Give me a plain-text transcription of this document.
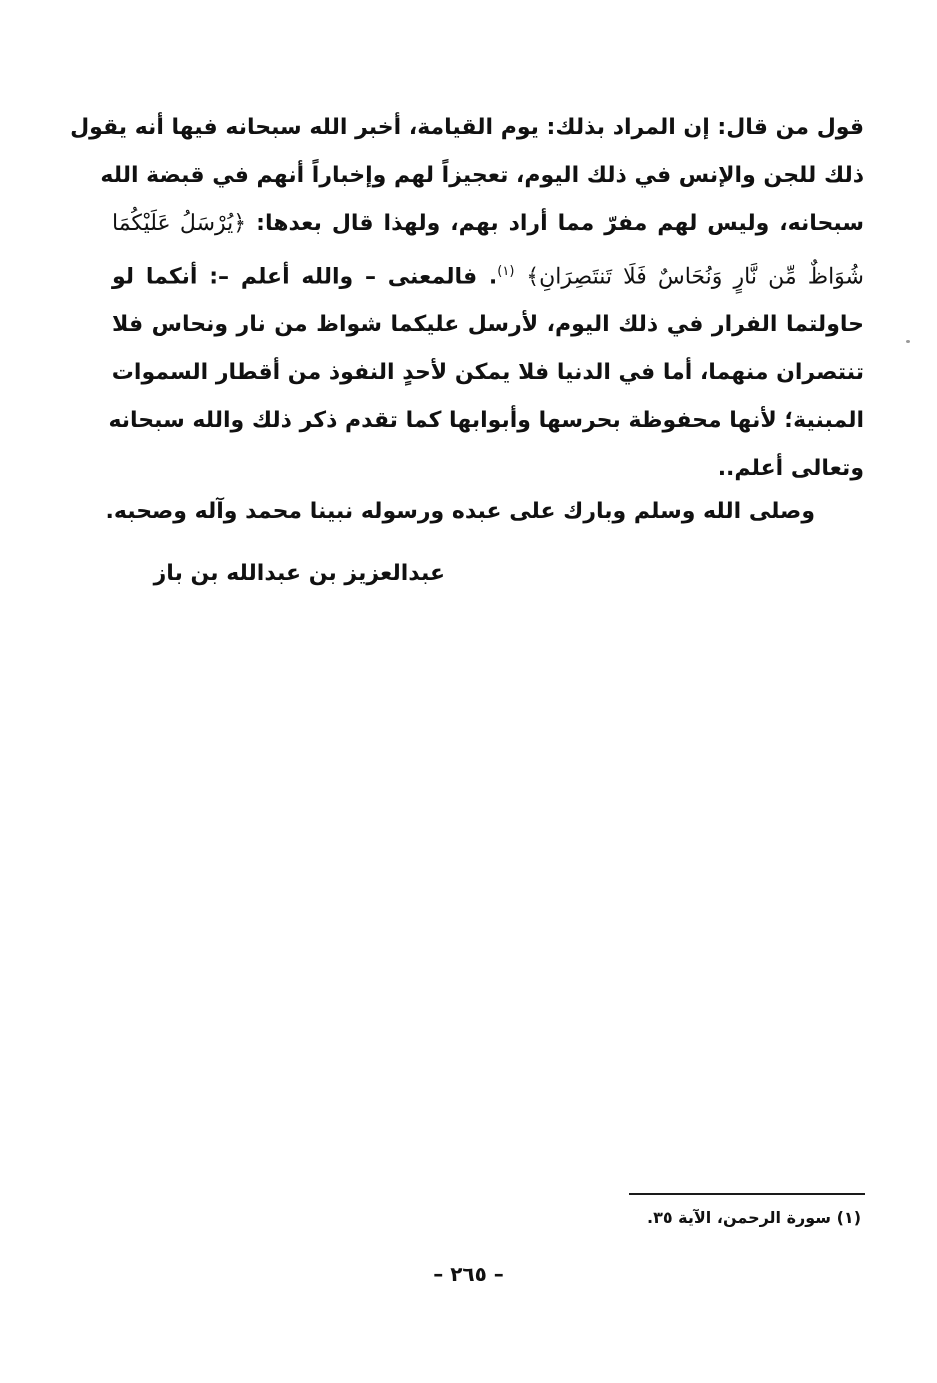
قول من قال: إن المراد بذلك: يوم القيامة، أخبر الله سبحانه فيها أنه يقول
ذلك للجن والإنس في ذلك اليوم، تعجيزاً لهم وإخباراً أنهم في قبضة الله
سبحانه، وليس لهم مفرّ مما أراد بهم، ولهذا قال بعدها: ﴿يُرْسَلُ عَلَيْكُمَا
شُوَاظٌ مِّن نَّارٍ وَنُحَاسٌ فَلَا تَنتَصِرَانِ﴾ $^{(١)}$. فالمعنى – والله أعلم –: أنكما لو
حاولتما الفرار في ذلك اليوم، لأرسل عليكما شواظ من نار ونحاس فلا
تنتصران منهما، أما في الدنيا فلا يمكن لأحدٍ النفوذ من أقطار السموات
المبنية؛ لأنها محفوظة بحرسها وأبوابها كما تقدم ذكر ذلك والله سبحانه
وتعالى أعلم..

وصلى الله وسلم وبارك على عبده ورسوله نبينا محمد وآله وصحبه.

عبدالعزيز بن عبدالله بن باز

(١) سورة الرحمن، الآية ٣٥.

– ٢٦٥ –
